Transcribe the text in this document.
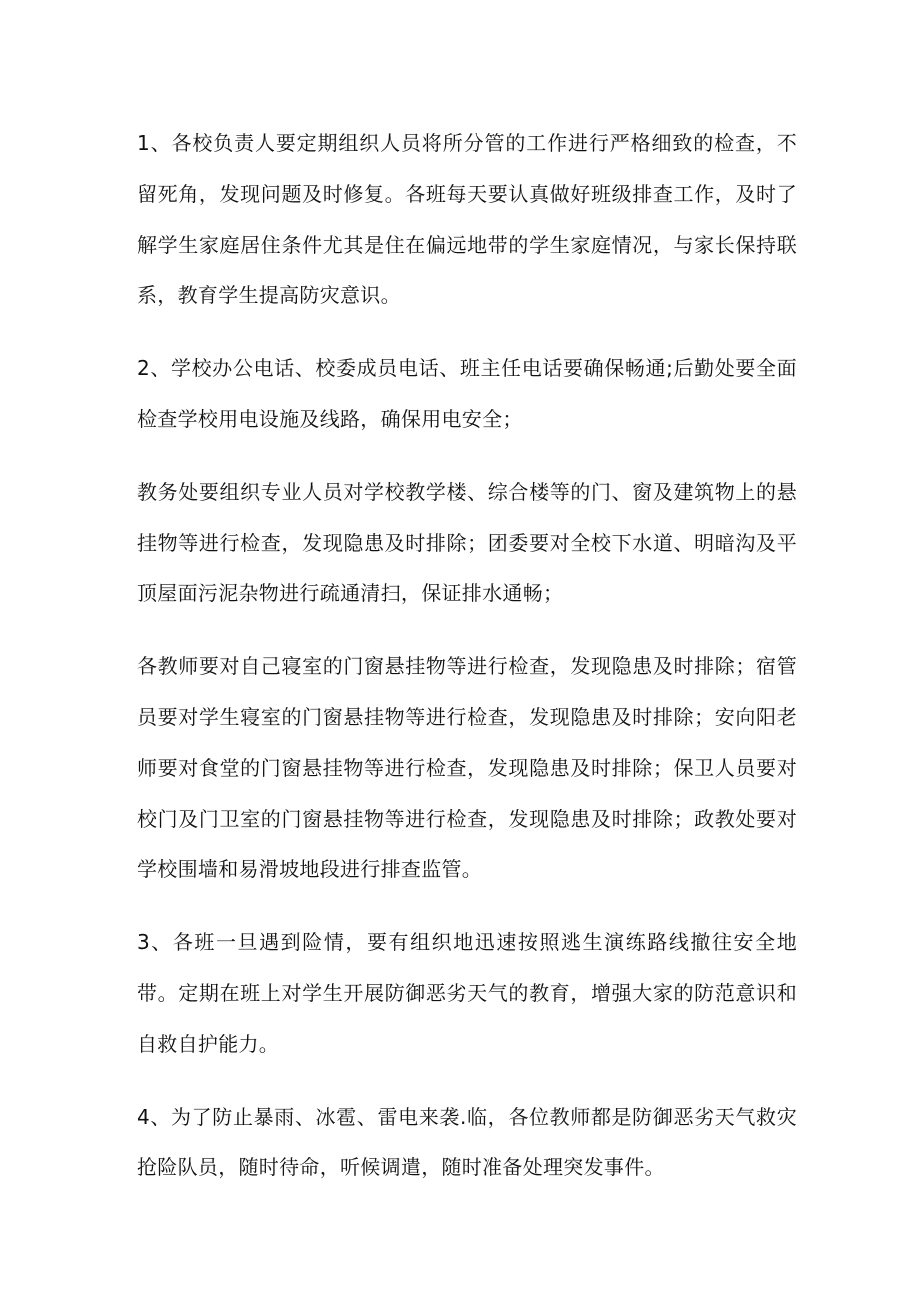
1、各校负责人要定期组织人员将所分管的工作进行严格细致的检查，不留死角，发现问题及时修复。各班每天要认真做好班级排查工作，及时了解学生家庭居住条件尤其是住在偏远地带的学生家庭情况，与家长保持联系，教育学生提高防灾意识。

2、学校办公电话、校委成员电话、班主任电话要确保畅通;后勤处要全面检查学校用电设施及线路，确保用电安全；

教务处要组织专业人员对学校教学楼、综合楼等的门、窗及建筑物上的悬挂物等进行检查，发现隐患及时排除；团委要对全校下水道、明暗沟及平顶屋面污泥杂物进行疏通清扫，保证排水通畅；

各教师要对自己寝室的门窗悬挂物等进行检查，发现隐患及时排除；宿管员要对学生寝室的门窗悬挂物等进行检查，发现隐患及时排除；安向阳老师要对食堂的门窗悬挂物等进行检查，发现隐患及时排除；保卫人员要对校门及门卫室的门窗悬挂物等进行检查，发现隐患及时排除；政教处要对学校围墙和易滑坡地段进行排查监管。

3、各班一旦遇到险情，要有组织地迅速按照逃生演练路线撤往安全地带。定期在班上对学生开展防御恶劣天气的教育，增强大家的防范意识和自救自护能力。

4、为了防止暴雨、冰雹、雷电来袭.临，各位教师都是防御恶劣天气救灾抢险队员，随时待命，听候调遣，随时准备处理突发事件。
